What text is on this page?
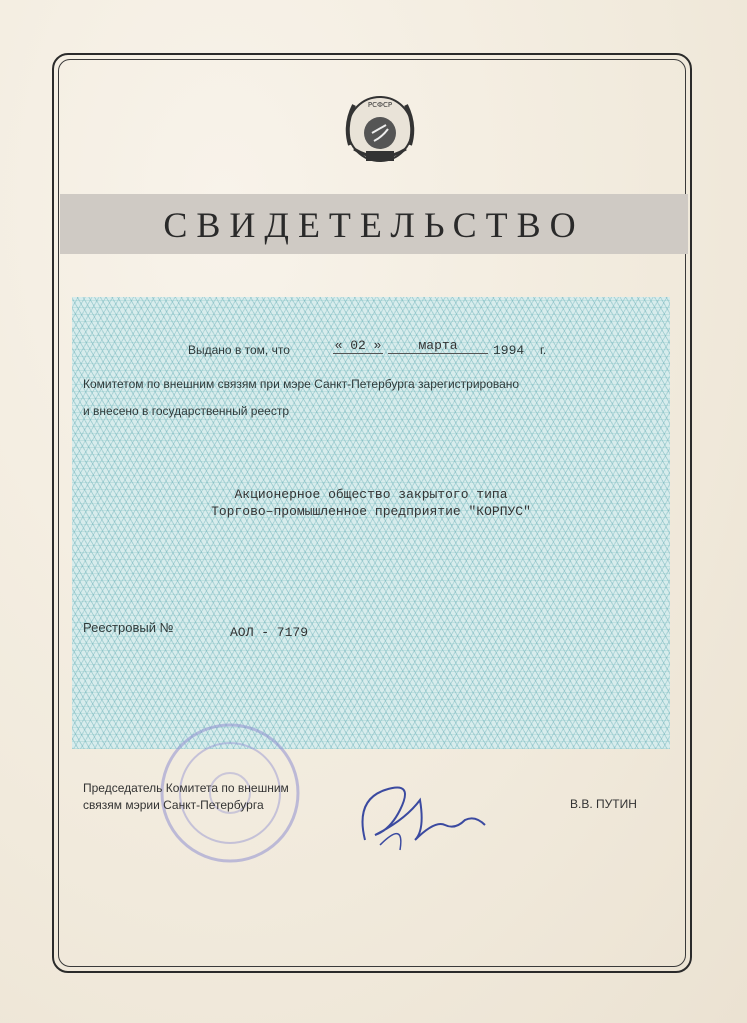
РСФСР
СВИДЕТЕЛЬСТВО
Выдано в том, что	« 02 »	марта	1994 г.
Комитетом по внешним связям при мэре Санкт-Петербурга зарегистрировано
и внесено в государственный реестр
Акционерное общество закрытого типа
Торгово–промышленное предприятие "КОРПУС"
Реестровый №	АОЛ - 7179
Председатель Комитета по внешним
связям мэрии Санкт-Петербурга	В.В. ПУТИН
